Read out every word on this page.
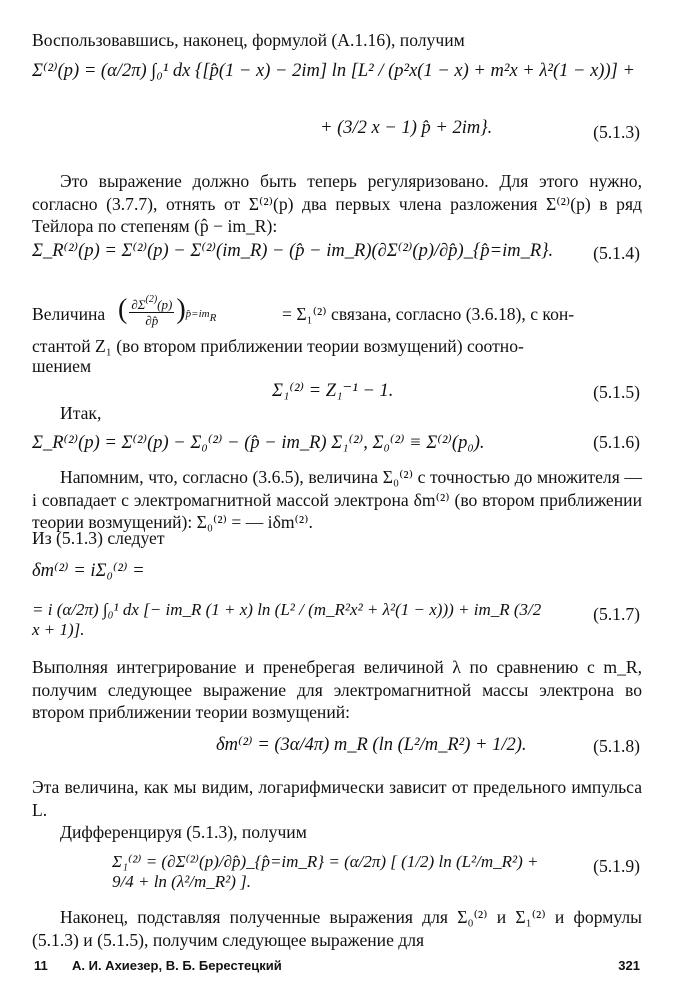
Воспользовавшись, наконец, формулой (А.1.16), получим
Σ⁽²⁾(p) = (α/2π) ∫₀¹ dx {[p̂(1 − x) − 2im] ln [L² / (p²x(1 − x) + m²x + λ²(1 − x))] +
+ (3/2 x − 1) p̂ + 2im}.	(5.1.3)
Это выражение должно быть теперь регуляризовано. Для этого нужно, согласно (3.7.7), отнять от Σ⁽²⁾(p) два первых члена разложения Σ⁽²⁾(p) в ряд Тейлора по степеням (p̂ − im_R):
Σ_R⁽²⁾(p) = Σ⁽²⁾(p) − Σ⁽²⁾(im_R) − (p̂ − im_R)(∂Σ⁽²⁾(p)/∂p̂)_{p̂=im_R}. (5.1.4)
Величина ( $\frac{\partial\Sigma^{(2)}(p)}{\partial p̂} )_{p̂=imR}$	= Σ₁⁽²⁾ связана, согласно (3.6.18), с кон-
стантой Z₁ (во втором приближении теории возмущений) соотно-
шением
Σ₁⁽²⁾ = Z₁⁻¹ − 1.	(5.1.5)
Итак,
Σ_R⁽²⁾(p) = Σ⁽²⁾(p) − Σ₀⁽²⁾ − (p̂ − im_R) Σ₁⁽²⁾, Σ₀⁽²⁾ ≡ Σ⁽²⁾(p₀).	(5.1.6)
Напомним, что, согласно (3.6.5), величина Σ₀⁽²⁾ с точностью до множителя — i совпадает с электромагнитной массой электрона δm⁽²⁾ (во втором приближении теории возмущений): Σ₀⁽²⁾ = — iδm⁽²⁾.
Из (5.1.3) следует
δm⁽²⁾ = iΣ₀⁽²⁾ =
= i (α/2π) ∫₀¹ dx [− im_R (1 + x) ln (L² / (m_R²x² + λ²(1 − x))) + im_R (3/2 x + 1)].
(5.1.7)
Выполняя интегрирование и пренебрегая величиной λ по сравнению с m_R, получим следующее выражение для электромагнитной массы электрона во втором приближении теории возмущений:
δm⁽²⁾ = (3α/4π) m_R (ln (L²/m_R²) + 1/2).	(5.1.8)
Эта величина, как мы видим, логарифмически зависит от предельного импульса L.
Дифференцируя (5.1.3), получим
Σ₁⁽²⁾ = (∂Σ⁽²⁾(p)/∂p̂)_{p̂=im_R} = (α/2π) [ (1/2) ln (L²/m_R²) + 9/4 + ln (λ²/m_R²) ].
(5.1.9)
Наконец, подставляя полученные выражения для Σ₀⁽²⁾ и Σ₁⁽²⁾ и формулы (5.1.3) и (5.1.5), получим следующее выражение для
11 А. И. Ахиезер, В. Б. Берестецкий	321
